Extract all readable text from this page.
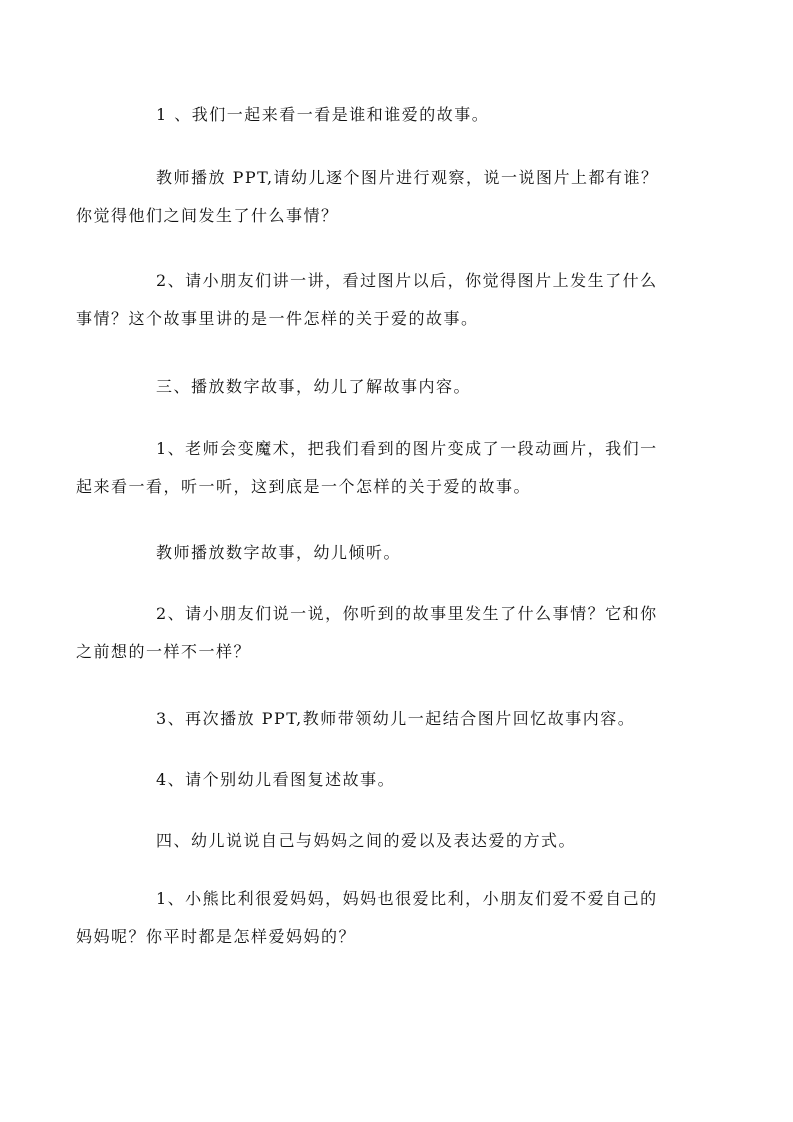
1 、我们一起来看一看是谁和谁爱的故事。

教师播放 PPT,请幼儿逐个图片进行观察，说一说图片上都有谁？
你觉得他们之间发生了什么事情？

2、请小朋友们讲一讲，看过图片以后，你觉得图片上发生了什么
事情？这个故事里讲的是一件怎样的关于爱的故事。

三、播放数字故事，幼儿了解故事内容。

1、老师会变魔术，把我们看到的图片变成了一段动画片，我们一
起来看一看，听一听，这到底是一个怎样的关于爱的故事。

教师播放数字故事，幼儿倾听。

2、请小朋友们说一说，你听到的故事里发生了什么事情？它和你
之前想的一样不一样？

3、再次播放 PPT,教师带领幼儿一起结合图片回忆故事内容。

4、请个别幼儿看图复述故事。

四、幼儿说说自己与妈妈之间的爱以及表达爱的方式。

1、小熊比利很爱妈妈，妈妈也很爱比利，小朋友们爱不爱自己的
妈妈呢？你平时都是怎样爱妈妈的？
